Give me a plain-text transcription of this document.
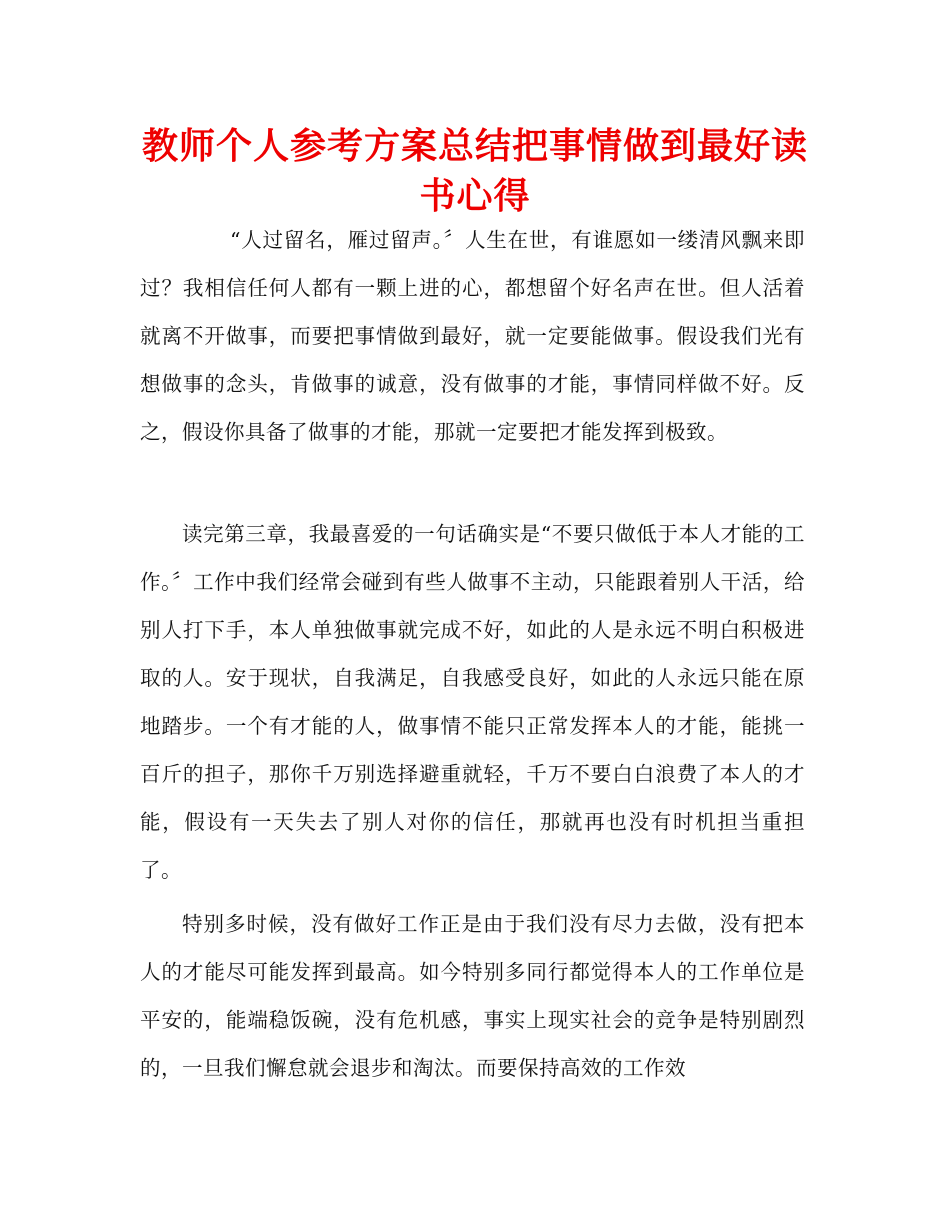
教师个人参考方案总结把事情做到最好读书心得
“人过留名，雁过留声。〞人生在世，有谁愿如一缕清风飘来即过？我相信任何人都有一颗上进的心，都想留个好名声在世。但人活着就离不开做事，而要把事情做到最好，就一定要能做事。假设我们光有想做事的念头，肯做事的诚意，没有做事的才能，事情同样做不好。反之，假设你具备了做事的才能，那就一定要把才能发挥到极致。
读完第三章，我最喜爱的一句话确实是“不要只做低于本人才能的工作。〞工作中我们经常会碰到有些人做事不主动，只能跟着别人干活，给别人打下手，本人单独做事就完成不好，如此的人是永远不明白积极进取的人。安于现状，自我满足，自我感受良好，如此的人永远只能在原地踏步。一个有才能的人，做事情不能只正常发挥本人的才能，能挑一百斤的担子，那你千万别选择避重就轻，千万不要白白浪费了本人的才能，假设有一天失去了别人对你的信任，那就再也没有时机担当重担了。
特别多时候，没有做好工作正是由于我们没有尽力去做，没有把本人的才能尽可能发挥到最高。如今特别多同行都觉得本人的工作单位是平安的，能端稳饭碗，没有危机感，事实上现实社会的竞争是特别剧烈的，一旦我们懈怠就会退步和淘汰。而要保持高效的工作效
